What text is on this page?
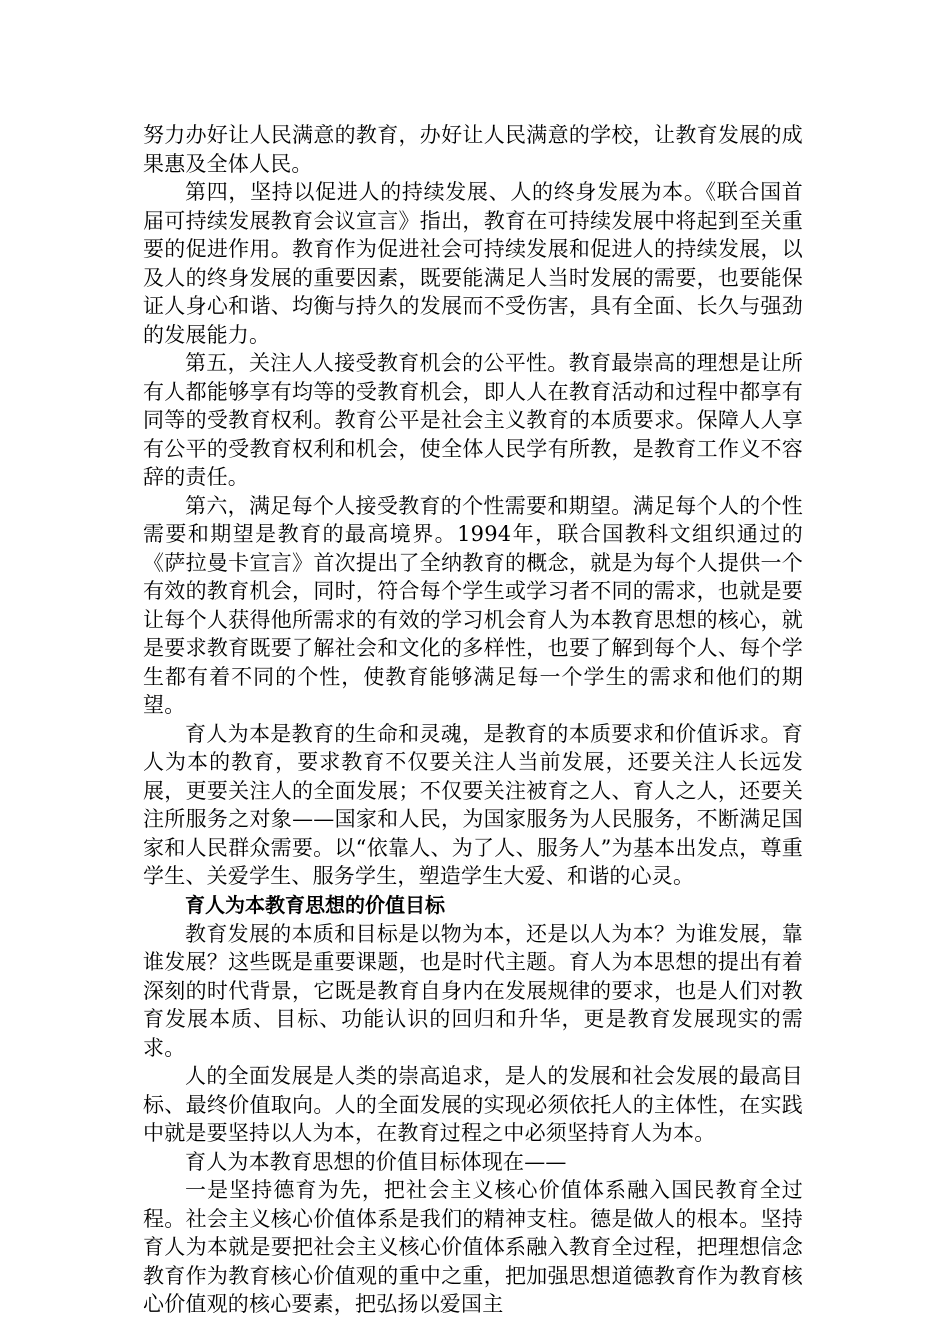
努力办好让人民满意的教育，办好让人民满意的学校，让教育发展的成果惠及全体人民。

第四，坚持以促进人的持续发展、人的终身发展为本。《联合国首届可持续发展教育会议宣言》指出，教育在可持续发展中将起到至关重要的促进作用。教育作为促进社会可持续发展和促进人的持续发展，以及人的终身发展的重要因素，既要能满足人当时发展的需要，也要能保证人身心和谐、均衡与持久的发展而不受伤害，具有全面、长久与强劲的发展能力。

第五，关注人人接受教育机会的公平性。教育最崇高的理想是让所有人都能够享有均等的受教育机会，即人人在教育活动和过程中都享有同等的受教育权利。教育公平是社会主义教育的本质要求。保障人人享有公平的受教育权利和机会，使全体人民学有所教，是教育工作义不容辞的责任。

第六，满足每个人接受教育的个性需要和期望。满足每个人的个性需要和期望是教育的最高境界。1994年，联合国教科文组织通过的《萨拉曼卡宣言》首次提出了全纳教育的概念，就是为每个人提供一个有效的教育机会，同时，符合每个学生或学习者不同的需求，也就是要让每个人获得他所需求的有效的学习机会育人为本教育思想的核心，就是要求教育既要了解社会和文化的多样性，也要了解到每个人、每个学生都有着不同的个性，使教育能够满足每一个学生的需求和他们的期望。

育人为本是教育的生命和灵魂，是教育的本质要求和价值诉求。育人为本的教育，要求教育不仅要关注人当前发展，还要关注人长远发展，更要关注人的全面发展；不仅要关注被育之人、育人之人，还要关注所服务之对象——国家和人民，为国家服务为人民服务，不断满足国家和人民群众需要。以“依靠人、为了人、服务人”为基本出发点，尊重学生、关爱学生、服务学生，塑造学生大爱、和谐的心灵。

育人为本教育思想的价值目标

教育发展的本质和目标是以物为本，还是以人为本？为谁发展，靠谁发展？这些既是重要课题，也是时代主题。育人为本思想的提出有着深刻的时代背景，它既是教育自身内在发展规律的要求，也是人们对教育发展本质、目标、功能认识的回归和升华，更是教育发展现实的需求。

人的全面发展是人类的崇高追求，是人的发展和社会发展的最高目标、最终价值取向。人的全面发展的实现必须依托人的主体性，在实践中就是要坚持以人为本，在教育过程之中必须坚持育人为本。

育人为本教育思想的价值目标体现在——

一是坚持德育为先，把社会主义核心价值体系融入国民教育全过程。社会主义核心价值体系是我们的精神支柱。德是做人的根本。坚持育人为本就是要把社会主义核心价值体系融入教育全过程，把理想信念教育作为教育核心价值观的重中之重，把加强思想道德教育作为教育核心价值观的核心要素，把弘扬以爱国主
